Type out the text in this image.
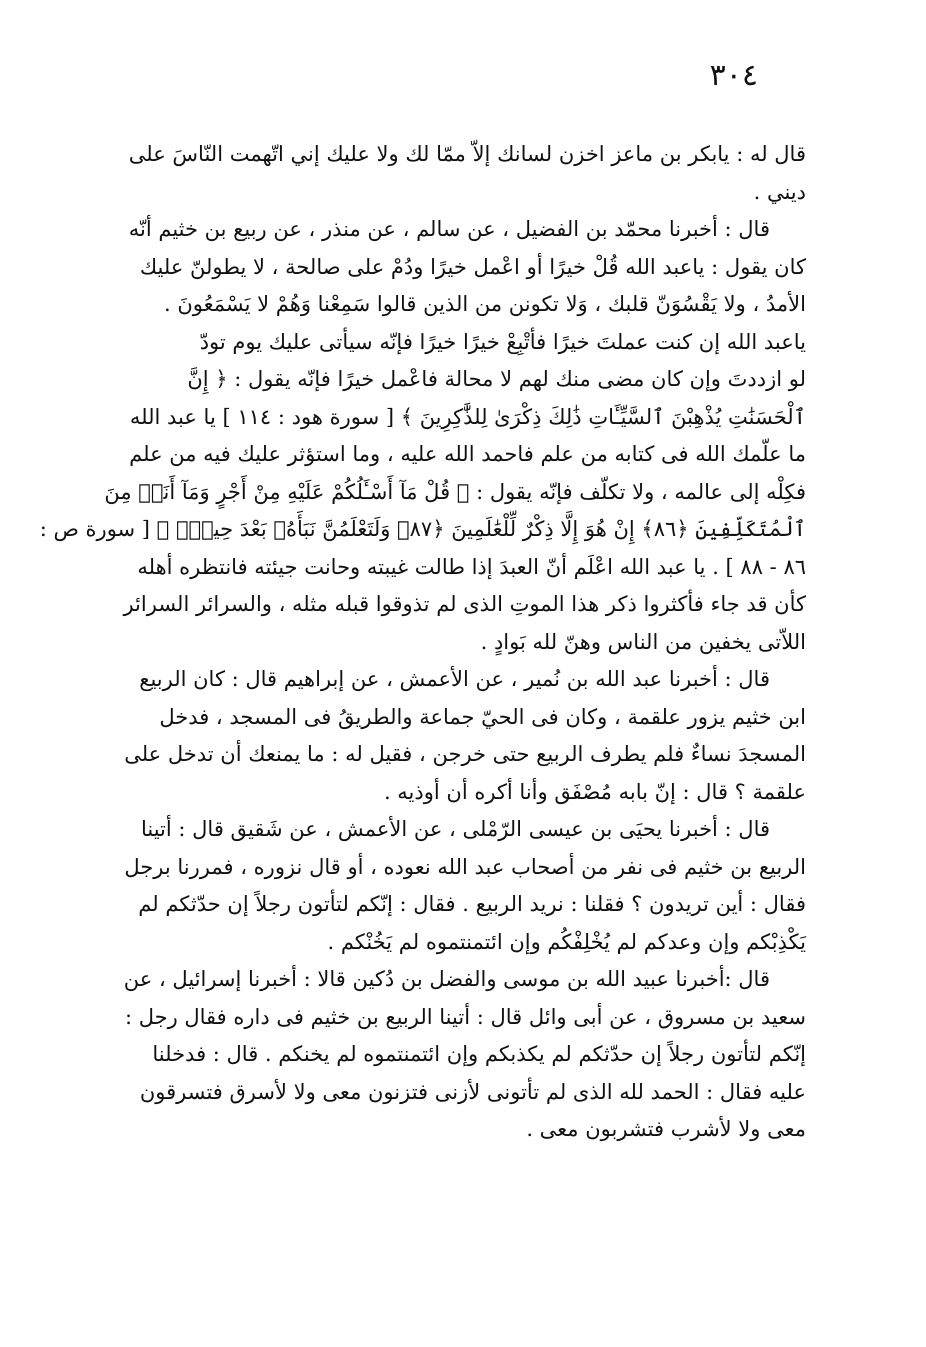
٣٠٤

قال له : يابكر بن ماعز اخزن لسانك إلاّ ممّا لك ولا عليك إني اتّهمت النّاسَ على
ديني .

قال : أخبرنا محمّد بن الفضيل ، عن سالم ، عن منذر ، عن ربيع بن خثيم أنّه
كان يقول : ياعبد الله قُلْ خيرًا أو اعْمل خيرًا ودُمْ على صالحة ، لا يطولنّ عليك
الأمدُ ، ولا يَقْسُوَنّ قلبك ، وَلا تكونن من الذين قالوا سَمِعْنا وَهُمْ لا يَسْمَعُونَ .
ياعبد الله إن كنت عملتَ خيرًا فأتْبِعْ خيرًا خيرًا فإنّه سيأتى عليك يوم تودّ
لو ازددتَ وإن كان مضى منك لهم لا محالة فاعْمل خيرًا فإنّه يقول : ﴿ إِنَّ
ٱلْحَسَنَٰتِ يُذْهِبْنَ ٱلسَّيِّـَٔاتِ ذَٰلِكَ ذِكْرَىٰ لِلذَّٰكِرِينَ ﴾ [ سورة هود : ١١٤ ] يا عبد الله
ما علّمك الله فى كتابه من علم فاحمد الله عليه ، وما استؤثر عليك فيه من علم
فكِلْه إلى عالمه ، ولا تكلّف فإنّه يقول : ﴿ قُلْ مَآ أَسْـَٔلُكُمْ عَلَيْهِ مِنْ أَجْرٍ وَمَآ أَنَا۠ مِنَ
ٱلْمُتَكَلِّفِينَ ﴿٨٦﴾ إِنْ هُوَ إِلَّا ذِكْرٌ لِّلْعَٰلَمِينَ ﴿٨٧﴾ وَلَتَعْلَمُنَّ نَبَأَهُۥ بَعْدَ حِينٍۭ ﴾ [ سورة ص :
٨٦ - ٨٨ ] . يا عبد الله اعْلَم أنّ العبدَ إذا طالت غيبته وحانت جيئته فانتظره أهله
كأن قد جاء فأكثروا ذكر هذا الموتِ الذى لم تذوقوا قبله مثله ، والسرائر السرائر
اللاّتى يخفين من الناس وهنّ لله بَوادٍ .

قال : أخبرنا عبد الله بن نُمير ، عن الأعمش ، عن إبراهيم قال : كان الربيع
ابن خثيم يزور علقمة ، وكان فى الحيّ جماعة والطريقُ فى المسجد ، فدخل
المسجدَ نساءٌ فلم يطرف الربيع حتى خرجن ، فقيل له : ما يمنعك أن تدخل على
علقمة ؟ قال : إنّ بابه مُصْفَق وأنا أكره أن أوذيه .

قال : أخبرنا يحيَى بن عيسى الرّمْلى ، عن الأعمش ، عن شَقيق قال : أتينا
الربيع بن خثيم فى نفر من أصحاب عبد الله نعوده ، أو قال نزوره ، فمررنا برجل
فقال : أين تريدون ؟ فقلنا : نريد الربيع . فقال : إنّكم لتأتون رجلاً إن حدّثكم لم
يَكْذِبْكم وإن وعدكم لم يُخْلِفْكُم وإن ائتمنتموه لم يَخُنْكم .

قال :أخبرنا عبيد الله بن موسى والفضل بن دُكين قالا : أخبرنا إسرائيل ، عن
سعيد بن مسروق ، عن أبى وائل قال : أتينا الربيع بن خثيم فى داره فقال رجل :
إنّكم لتأتون رجلاً إن حدّثكم لم يكذبكم وإن ائتمنتموه لم يخنكم . قال : فدخلنا
عليه فقال : الحمد لله الذى لم تأتونى لأزنى فتزنون معى ولا لأسرق فتسرقون
معى ولا لأشرب فتشربون معى .
